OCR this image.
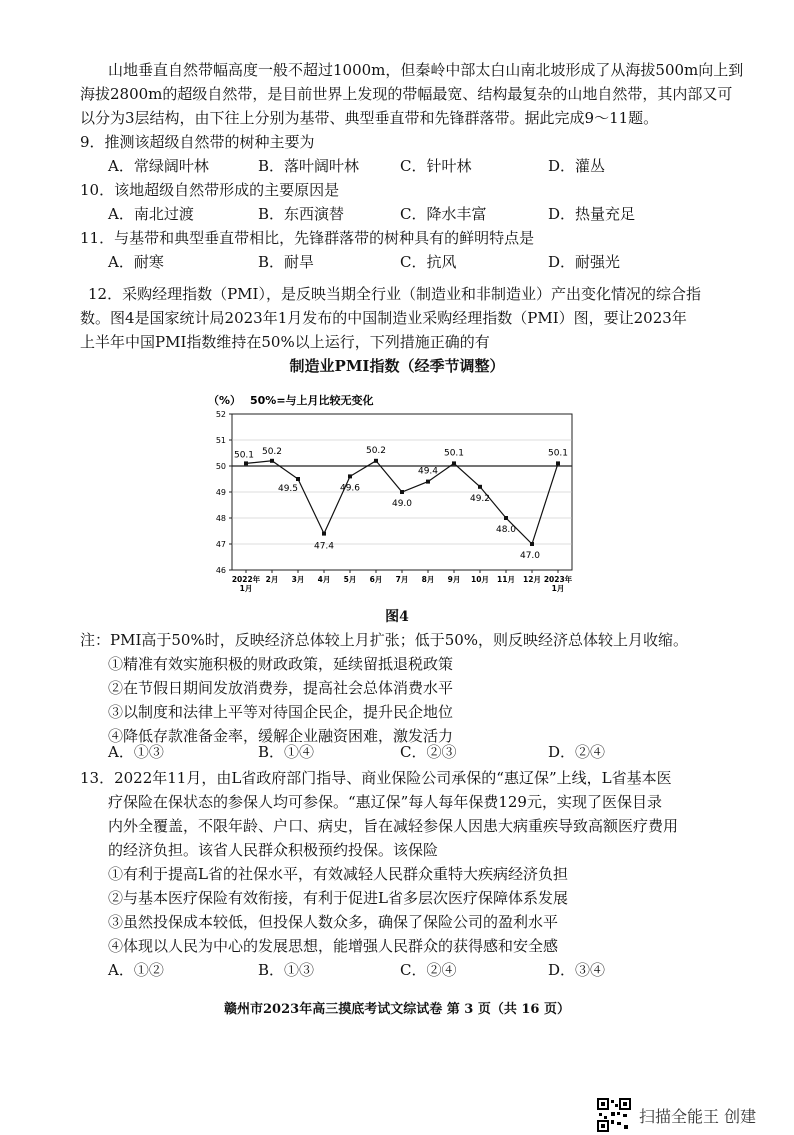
山地垂直自然带幅高度一般不超过1000m，但秦岭中部太白山南北坡形成了从海拔500m向上到
海拔2800m的超级自然带，是目前世界上发现的带幅最宽、结构最复杂的山地自然带，其内部又可
以分为3层结构，由下往上分别为基带、典型垂直带和先锋群落带。据此完成9～11题。
9．推测该超级自然带的树种主要为
A．常绿阔叶林	B．落叶阔叶林	C．针叶林	D．灌丛
10．该地超级自然带形成的主要原因是
A．南北过渡	B．东西演替	C．降水丰富	D．热量充足
11．与基带和典型垂直带相比，先锋群落带的树种具有的鲜明特点是
A．耐寒	B．耐旱	C．抗风	D．耐强光
12．采购经理指数（PMI），是反映当期全行业（制造业和非制造业）产出变化情况的综合指
数。图4是国家统计局2023年1月发布的中国制造业采购经理指数（PMI）图，要让2023年
上半年中国PMI指数维持在50%以上运行，下列措施正确的有
制造业PMI指数（经季节调整）
（%） 50%=与上月比较无变化
46
47
48
49
50
51
52
2022年
1月
2月 3月 4月 5月 6月 7月 8月 9月 10月 11月 12月 2023年
1月
50.1 50.2
49.5
47.4
49.6
50.2
49.0
49.4
50.1
49.2
48.0
47.0
50.1
图4
注：PMI高于50%时，反映经济总体较上月扩张；低于50%，则反映经济总体较上月收缩。
①精准有效实施积极的财政政策，延续留抵退税政策
②在节假日期间发放消费券，提高社会总体消费水平
③以制度和法律上平等对待国企民企，提升民企地位
④降低存款准备金率，缓解企业融资困难，激发活力
A．①③	B．①④	C．②③	D．②④
13．2022年11月，由L省政府部门指导、商业保险公司承保的“惠辽保”上线，L省基本医
疗保险在保状态的参保人均可参保。“惠辽保”每人每年保费129元，实现了医保目录
内外全覆盖，不限年龄、户口、病史，旨在减轻参保人因患大病重疾导致高额医疗费用
的经济负担。该省人民群众积极预约投保。该保险
①有利于提高L省的社保水平，有效减轻人民群众重特大疾病经济负担
②与基本医疗保险有效衔接，有利于促进L省多层次医疗保障体系发展
③虽然投保成本较低，但投保人数众多，确保了保险公司的盈利水平
④体现以人民为中心的发展思想，能增强人民群众的获得感和安全感
A．①②	B．①③	C．②④	D．③④
赣州市2023年高三摸底考试文综试卷 第 3 页（共 16 页）
扫描全能王 创建
